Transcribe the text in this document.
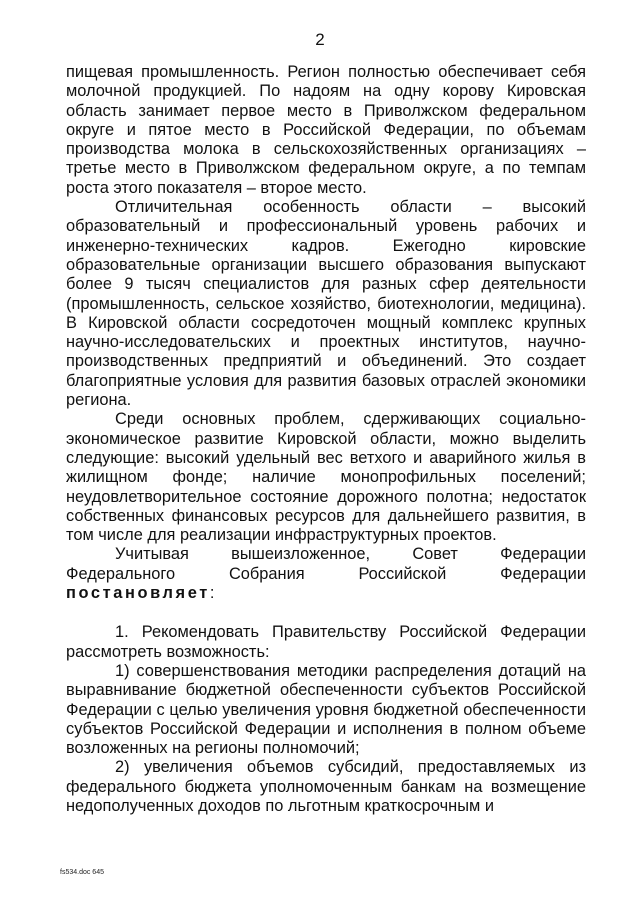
2

пищевая промышленность. Регион полностью обеспечивает себя молочной продукцией. По надоям на одну корову Кировская область занимает первое место в Приволжском федеральном округе и пятое место в Российской Федерации, по объемам производства молока в сельскохозяйственных организациях – третье место в Приволжском федеральном округе, а по темпам роста этого показателя – второе место.

Отличительная особенность области – высокий образовательный и профессиональный уровень рабочих и инженерно-технических кадров. Ежегодно кировские образовательные организации высшего образования выпускают более 9 тысяч специалистов для разных сфер деятельности (промышленность, сельское хозяйство, биотехнологии, медицина). В Кировской области сосредоточен мощный комплекс крупных научно-исследовательских и проектных институтов, научно-производственных предприятий и объединений. Это создает благоприятные условия для развития базовых отраслей экономики региона.

Среди основных проблем, сдерживающих социально-экономическое развитие Кировской области, можно выделить следующие: высокий удельный вес ветхого и аварийного жилья в жилищном фонде; наличие монопрофильных поселений; неудовлетворительное состояние дорожного полотна; недостаток собственных финансовых ресурсов для дальнейшего развития, в том числе для реализации инфраструктурных проектов.

Учитывая вышеизложенное, Совет Федерации Федерального Собрания Российской Федерации постановляет:

1. Рекомендовать Правительству Российской Федерации рассмотреть возможность:

1) совершенствования методики распределения дотаций на выравнивание бюджетной обеспеченности субъектов Российской Федерации с целью увеличения уровня бюджетной обеспеченности субъектов Российской Федерации и исполнения в полном объеме возложенных на регионы полномочий;

2) увеличения объемов субсидий, предоставляемых из федерального бюджета уполномоченным банкам на возмещение недополученных доходов по льготным краткосрочным и

fs534.doc 645
